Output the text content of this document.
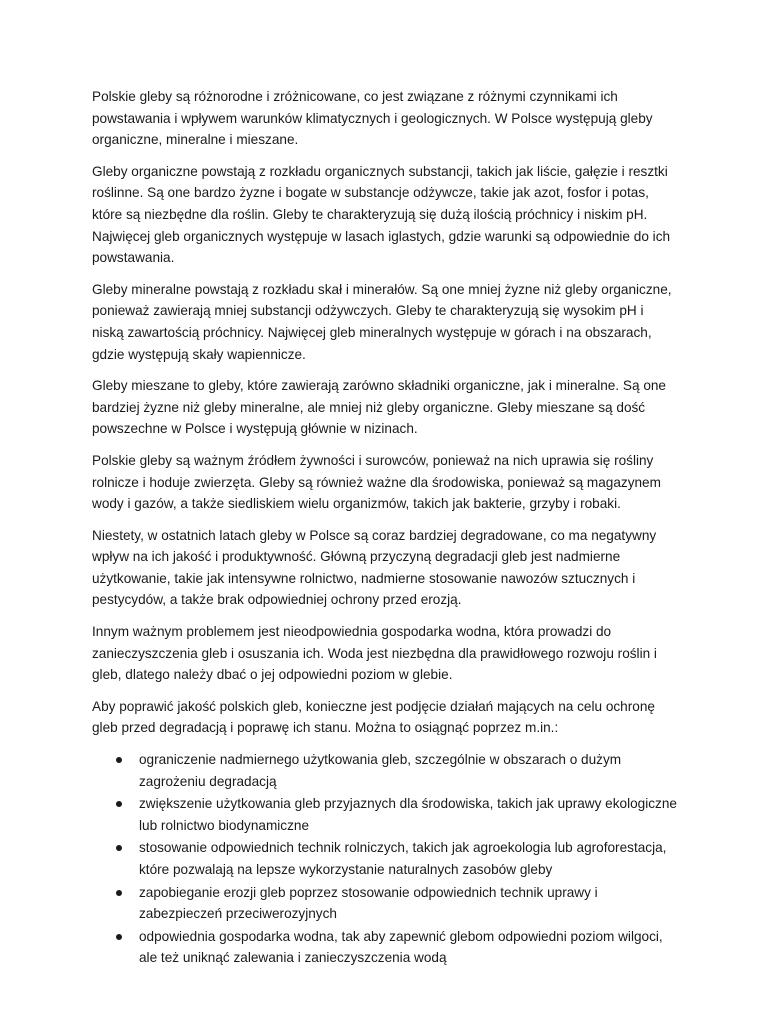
Polskie gleby są różnorodne i zróżnicowane, co jest związane z różnymi czynnikami ich powstawania i wpływem warunków klimatycznych i geologicznych. W Polsce występują gleby organiczne, mineralne i mieszane.

Gleby organiczne powstają z rozkładu organicznych substancji, takich jak liście, gałęzie i resztki roślinne. Są one bardzo żyzne i bogate w substancje odżywcze, takie jak azot, fosfor i potas, które są niezbędne dla roślin. Gleby te charakteryzują się dużą ilością próchnicy i niskim pH. Najwięcej gleb organicznych występuje w lasach iglastych, gdzie warunki są odpowiednie do ich powstawania.

Gleby mineralne powstają z rozkładu skał i minerałów. Są one mniej żyzne niż gleby organiczne, ponieważ zawierają mniej substancji odżywczych. Gleby te charakteryzują się wysokim pH i niską zawartością próchnicy. Najwięcej gleb mineralnych występuje w górach i na obszarach, gdzie występują skały wapiennicze.

Gleby mieszane to gleby, które zawierają zarówno składniki organiczne, jak i mineralne. Są one bardziej żyzne niż gleby mineralne, ale mniej niż gleby organiczne. Gleby mieszane są dość powszechne w Polsce i występują głównie w nizinach.

Polskie gleby są ważnym źródłem żywności i surowców, ponieważ na nich uprawia się rośliny rolnicze i hoduje zwierzęta. Gleby są również ważne dla środowiska, ponieważ są magazynem wody i gazów, a także siedliskiem wielu organizmów, takich jak bakterie, grzyby i robaki.

Niestety, w ostatnich latach gleby w Polsce są coraz bardziej degradowane, co ma negatywny wpływ na ich jakość i produktywność. Główną przyczyną degradacji gleb jest nadmierne użytkowanie, takie jak intensywne rolnictwo, nadmierne stosowanie nawozów sztucznych i pestycydów, a także brak odpowiedniej ochrony przed erozją.

Innym ważnym problemem jest nieodpowiednia gospodarka wodna, która prowadzi do zanieczyszczenia gleb i osuszania ich. Woda jest niezbędna dla prawidłowego rozwoju roślin i gleb, dlatego należy dbać o jej odpowiedni poziom w glebie.

Aby poprawić jakość polskich gleb, konieczne jest podjęcie działań mających na celu ochronę gleb przed degradacją i poprawę ich stanu. Można to osiągnąć poprzez m.in.:

ograniczenie nadmiernego użytkowania gleb, szczególnie w obszarach o dużym zagrożeniu degradacją
zwiększenie użytkowania gleb przyjaznych dla środowiska, takich jak uprawy ekologiczne lub rolnictwo biodynamiczne
stosowanie odpowiednich technik rolniczych, takich jak agroekologia lub agroforestacja, które pozwalają na lepsze wykorzystanie naturalnych zasobów gleby
zapobieganie erozji gleb poprzez stosowanie odpowiednich technik uprawy i zabezpieczeń przeciwerozyjnych
odpowiednia gospodarka wodna, tak aby zapewnić glebom odpowiedni poziom wilgoci, ale też uniknąć zalewania i zanieczyszczenia wodą
